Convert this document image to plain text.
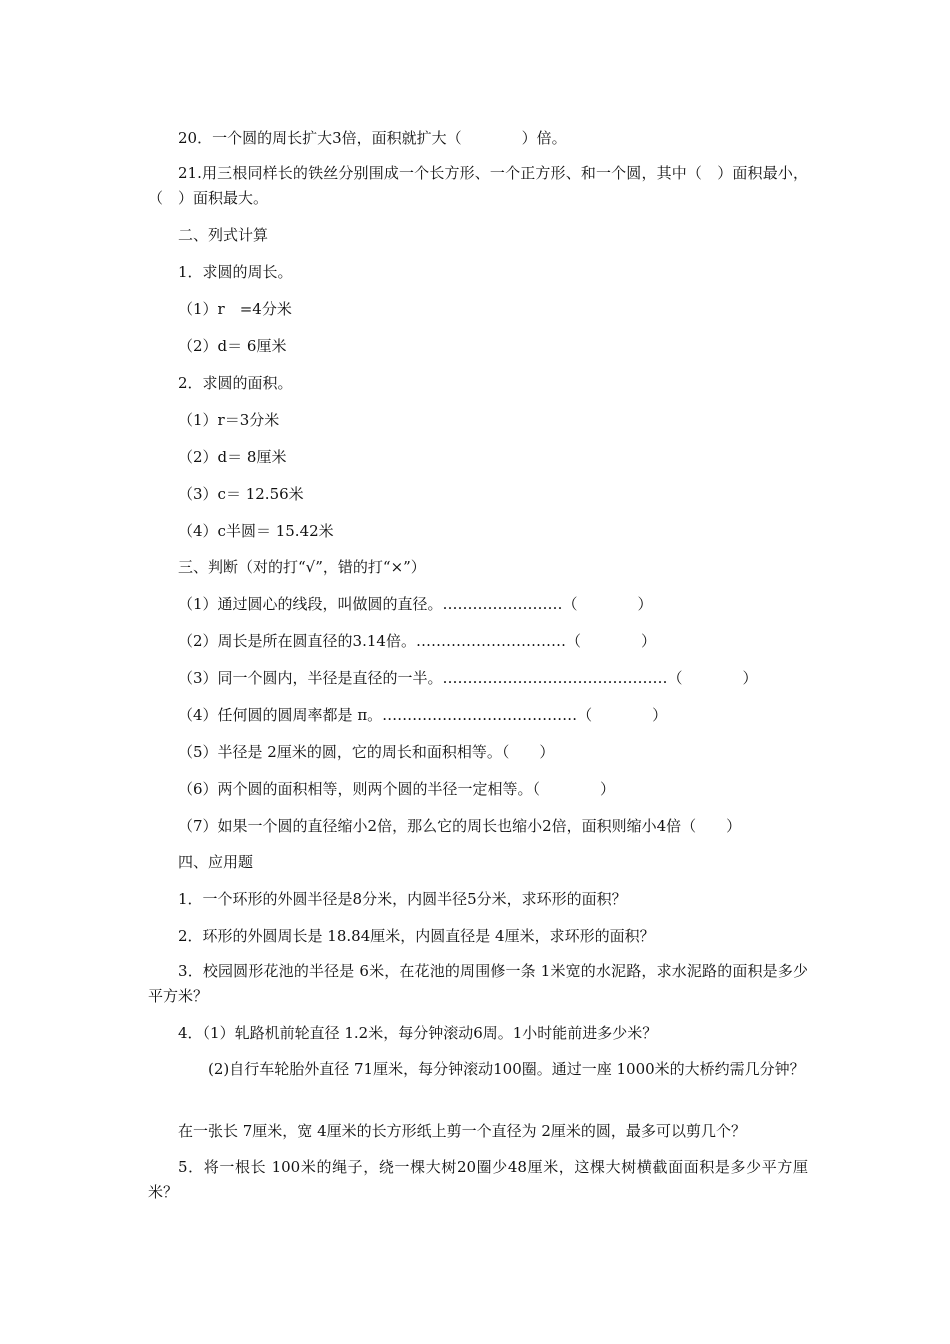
20．一个圆的周长扩大3倍，面积就扩大（　　　　）倍。
21.用三根同样长的铁丝分别围成一个长方形、一个正方形、和一个圆，其中（　）面积最小，（　）面积最大。
二、列式计算
1．求圆的周长。
（1）r　=4分米
（2）d＝ 6厘米
2．求圆的面积。
（1）r＝3分米
（2）d＝ 8厘米
（3）c＝ 12.56米
（4）c半圆＝ 15.42米
三、判断（对的打“√”，错的打“×”）
（1）通过圆心的线段，叫做圆的直径。……………………（　　　　）
（2）周长是所在圆直径的3.14倍。…………………………（　　　　）
（3）同一个圆内，半径是直径的一半。………………………………………（　　　　）
（4）任何圆的圆周率都是 π。…………………………………（　　　　）
（5）半径是 2厘米的圆，它的周长和面积相等。（　　）
（6）两个圆的面积相等，则两个圆的半径一定相等。（　　　　）
（7）如果一个圆的直径缩小2倍，那么它的周长也缩小2倍，面积则缩小4倍（　　）
四、应用题
1．一个环形的外圆半径是8分米，内圆半径5分米，求环形的面积？
2．环形的外圆周长是 18.84厘米，内圆直径是 4厘米，求环形的面积？
3．校园圆形花池的半径是 6米，在花池的周围修一条 1米宽的水泥路，求水泥路的面积是多少平方米？
4．（1）轧路机前轮直径 1.2米，每分钟滚动6周。1小时能前进多少米？
(2)自行车轮胎外直径 71厘米，每分钟滚动100圈。通过一座 1000米的大桥约需几分钟？
在一张长 7厘米，宽 4厘米的长方形纸上剪一个直径为 2厘米的圆，最多可以剪几个？
5．将一根长 100米的绳子，绕一棵大树20圈少48厘米，这棵大树横截面面积是多少平方厘米？
